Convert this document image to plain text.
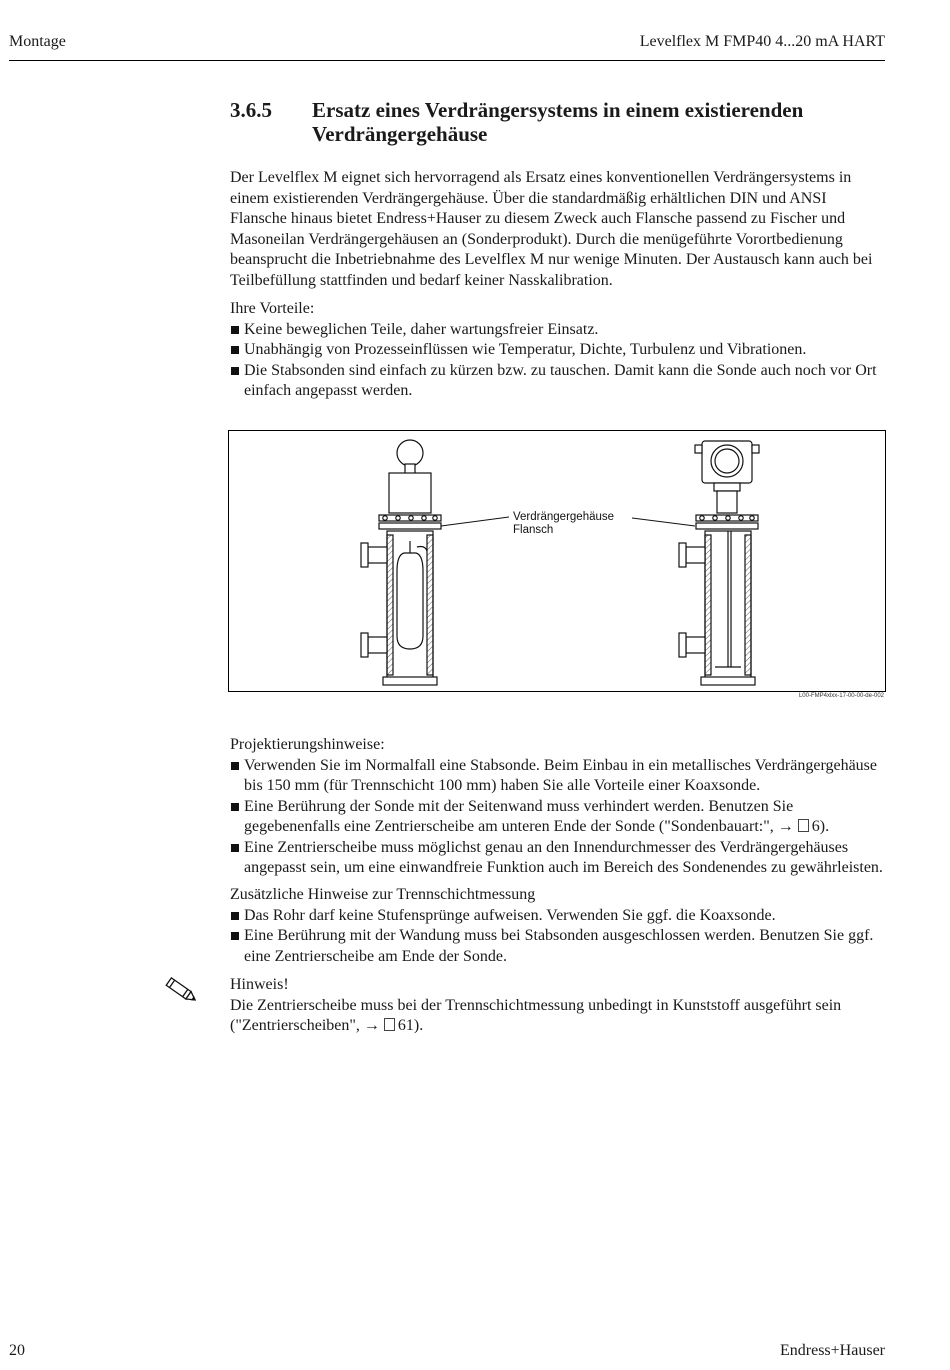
Montage	Levelflex M FMP40 4...20 mA HART
3.6.5 Ersatz eines Verdrängersystems in einem existierenden Verdrängergehäuse

Der Levelflex M eignet sich hervorragend als Ersatz eines konventionellen Verdrängersystems in einem existierenden Verdrängergehäuse. Über die standardmäßig erhältlichen DIN und ANSI Flansche hinaus bietet Endress+Hauser zu diesem Zweck auch Flansche passend zu Fischer und Masoneilan Verdrängergehäusen an (Sonderprodukt). Durch die menügeführte Vorortbedienung beansprucht die Inbetriebnahme des Levelflex M nur wenige Minuten. Der Austausch kann auch bei Teilbefüllung stattfinden und bedarf keiner Nasskalibration.

Ihre Vorteile:

Keine beweglichen Teile, daher wartungsfreier Einsatz.
Unabhängig von Prozesseinflüssen wie Temperatur, Dichte, Turbulenz und Vibrationen.
Die Stabsonden sind einfach zu kürzen bzw. zu tauschen. Damit kann die Sonde auch noch vor Ort einfach angepasst werden.
Verdrängergehäuse
Flansch
L00-FMP4xlxx-17-00-00-de-002

Projektierungshinweise:

Verwenden Sie im Normalfall eine Stabsonde. Beim Einbau in ein metallisches Verdrängergehäuse bis 150 mm (für Trennschicht 100 mm) haben Sie alle Vorteile einer Koaxsonde.
Eine Berührung der Sonde mit der Seitenwand muss verhindert werden. Benutzen Sie gegebenenfalls eine Zentrierscheibe am unteren Ende der Sonde ("Sondenbauart:", → 6).
Eine Zentrierscheibe muss möglichst genau an den Innendurchmesser des Verdrängergehäuses angepasst sein, um eine einwandfreie Funktion auch im Bereich des Sondenendes zu gewährleisten.

Zusätzliche Hinweise zur Trennschichtmessung

Das Rohr darf keine Stufensprünge aufweisen. Verwenden Sie ggf. die Koaxsonde.
Eine Berührung mit der Wandung muss bei Stabsonden ausgeschlossen werden. Benutzen Sie ggf. eine Zentrierscheibe am Ende der Sonde.

Hinweis!

Die Zentrierscheibe muss bei der Trennschichtmessung unbedingt in Kunststoff ausgeführt sein ("Zentrierscheiben", → 61).

20	Endress+Hauser
